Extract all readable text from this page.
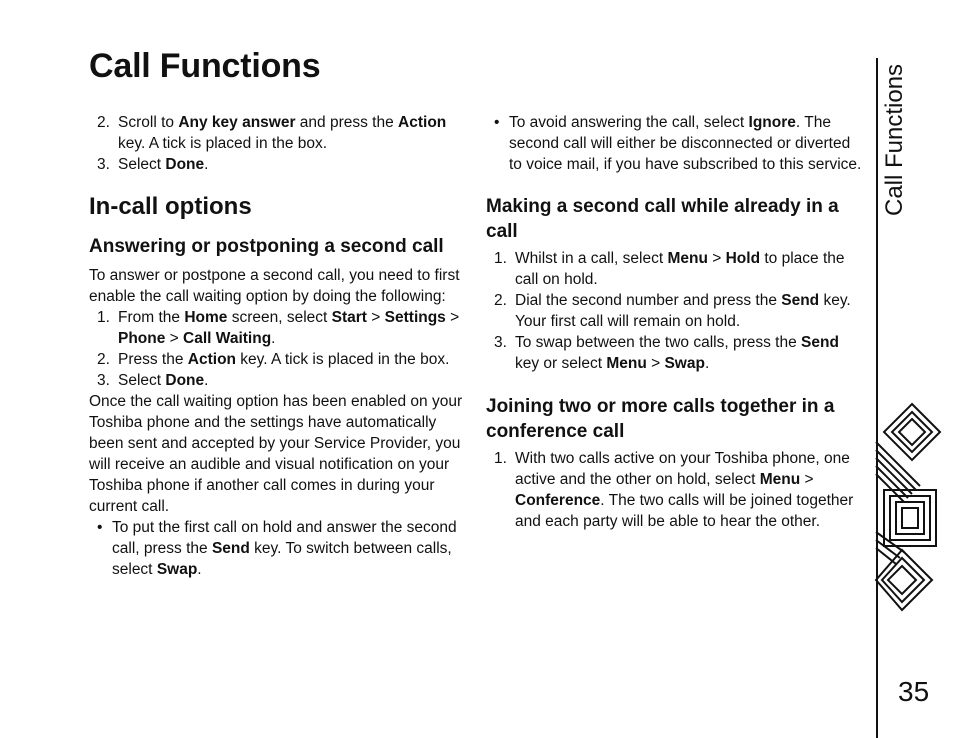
Call Functions
2. Scroll to Any key answer and press the Action key. A tick is placed in the box.
3. Select Done.
In-call options
Answering or postponing a second call

To answer or postpone a second call, you need to first enable the call waiting option by doing the following:

1. From the Home screen, select Start > Settings > Phone > Call Waiting.
2. Press the Action key. A tick is placed in the box.
3. Select Done.

Once the call waiting option has been enabled on your Toshiba phone and the settings have automatically been sent and accepted by your Service Provider, you will receive an audible and visual notification on your Toshiba phone if another call comes in during your current call.

• To put the first call on hold and answer the second call, press the Send key. To switch between calls, select Swap.
• To avoid answering the call, select Ignore. The second call will either be disconnected or diverted to voice mail, if you have subscribed to this service.
Making a second call while already in a call
1. Whilst in a call, select Menu > Hold to place the call on hold.
2. Dial the second number and press the Send key. Your first call will remain on hold.
3. To swap between the two calls, press the Send key or select Menu > Swap.
Joining two or more calls together in a conference call
1. With two calls active on your Toshiba phone, one active and the other on hold, select Menu > Conference. The two calls will be joined together and each party will be able to hear the other.
Call Functions
35
